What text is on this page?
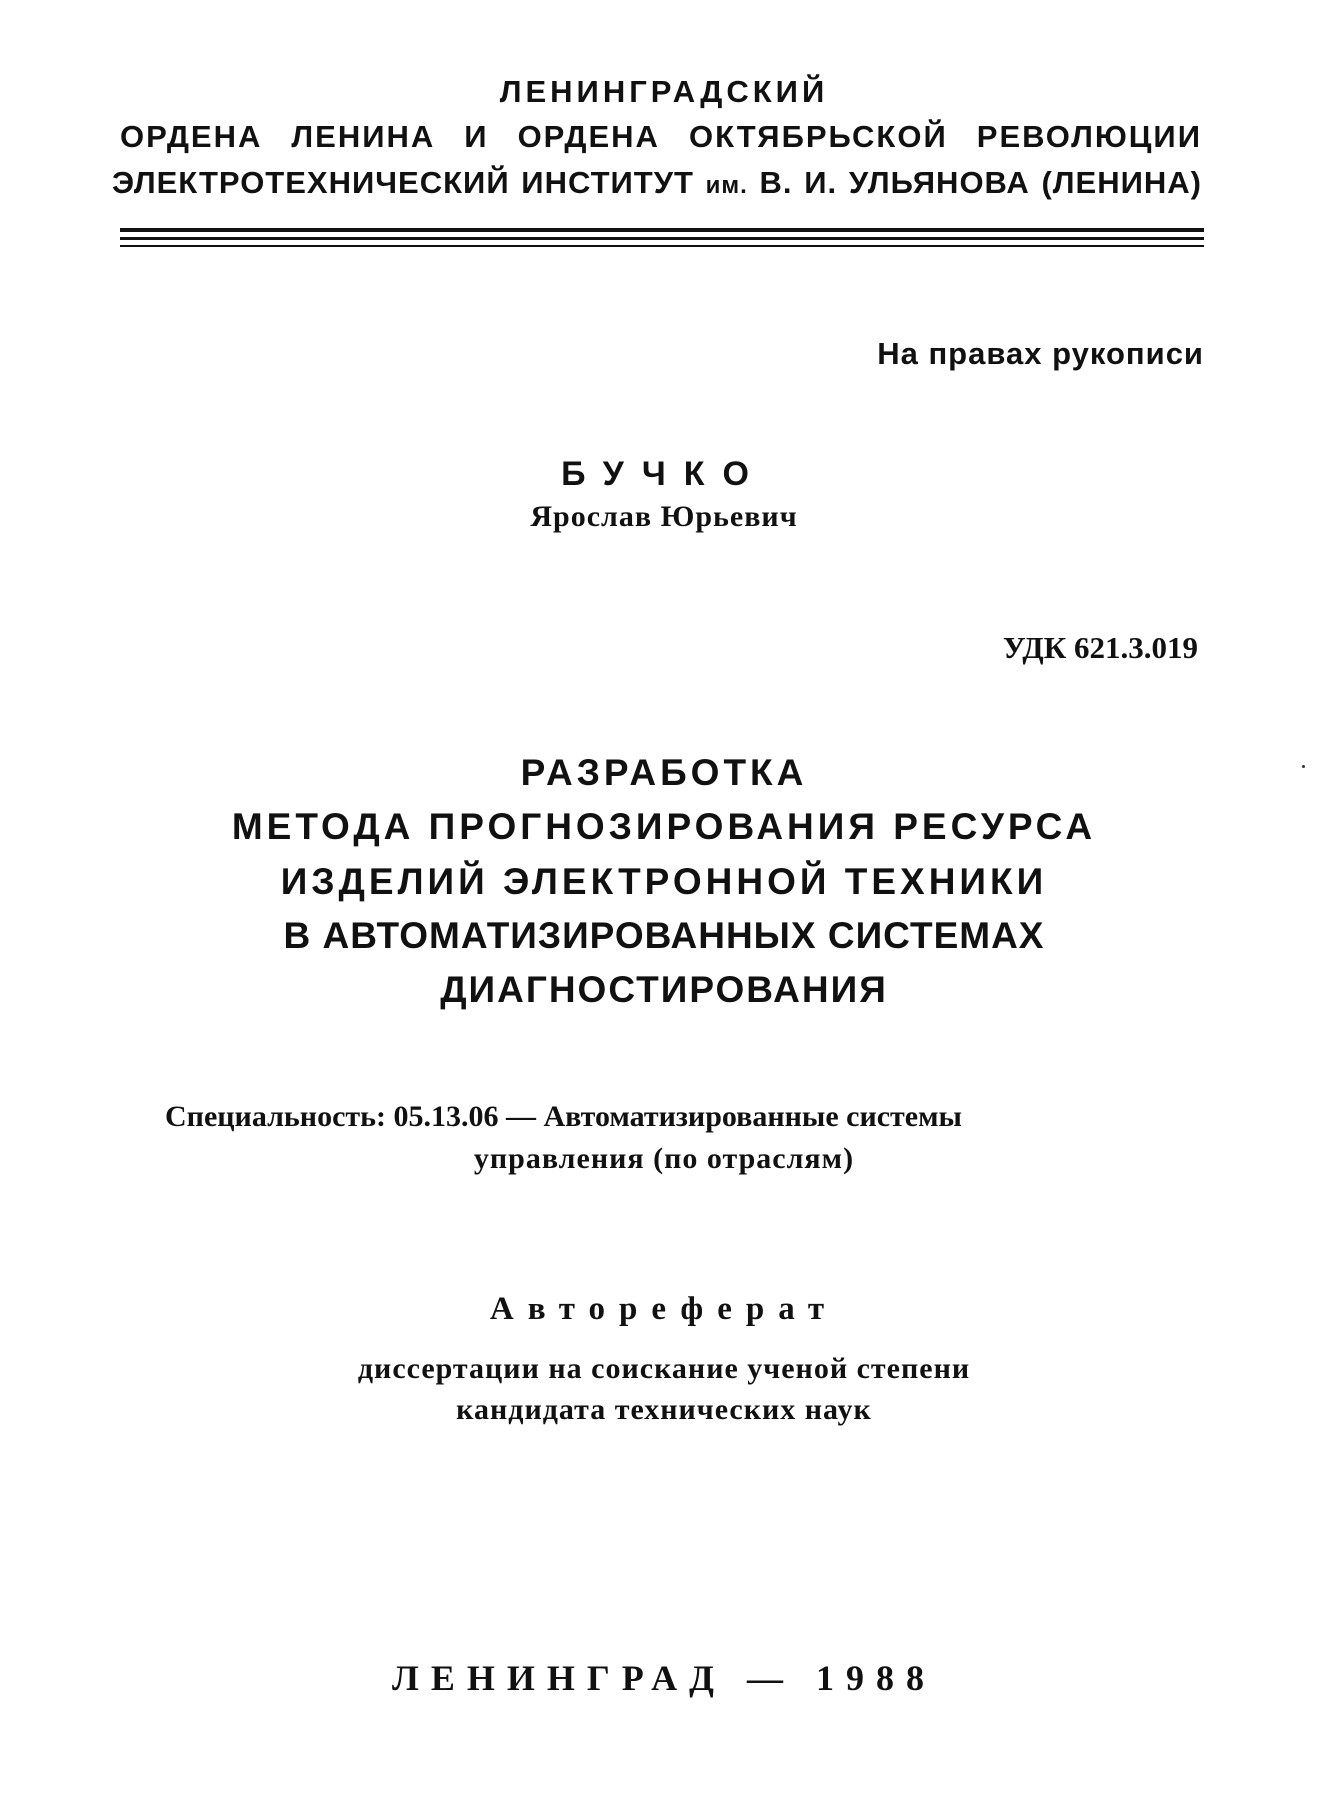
ЛЕНИНГРАДСКИЙ
ОРДЕНА ЛЕНИНА И ОРДЕНА ОКТЯБРЬСКОЙ РЕВОЛЮЦИИ
ЭЛЕКТРОТЕХНИЧЕСКИЙ ИНСТИТУТ им. В. И. УЛЬЯНОВА (ЛЕНИНА)
На правах рукописи
БУЧКО
Ярослав Юрьевич
УДК 621.3.019
РАЗРАБОТКА
МЕТОДА ПРОГНОЗИРОВАНИЯ РЕСУРСА
ИЗДЕЛИЙ ЭЛЕКТРОННОЙ ТЕХНИКИ
В АВТОМАТИЗИРОВАННЫХ СИСТЕМАХ
ДИАГНОСТИРОВАНИЯ
Специальность: 05.13.06 — Автоматизированные системы
управления (по отраслям)
Автореферат
диссертации на соискание ученой степени
кандидата технических наук
ЛЕНИНГРАД — 1988
